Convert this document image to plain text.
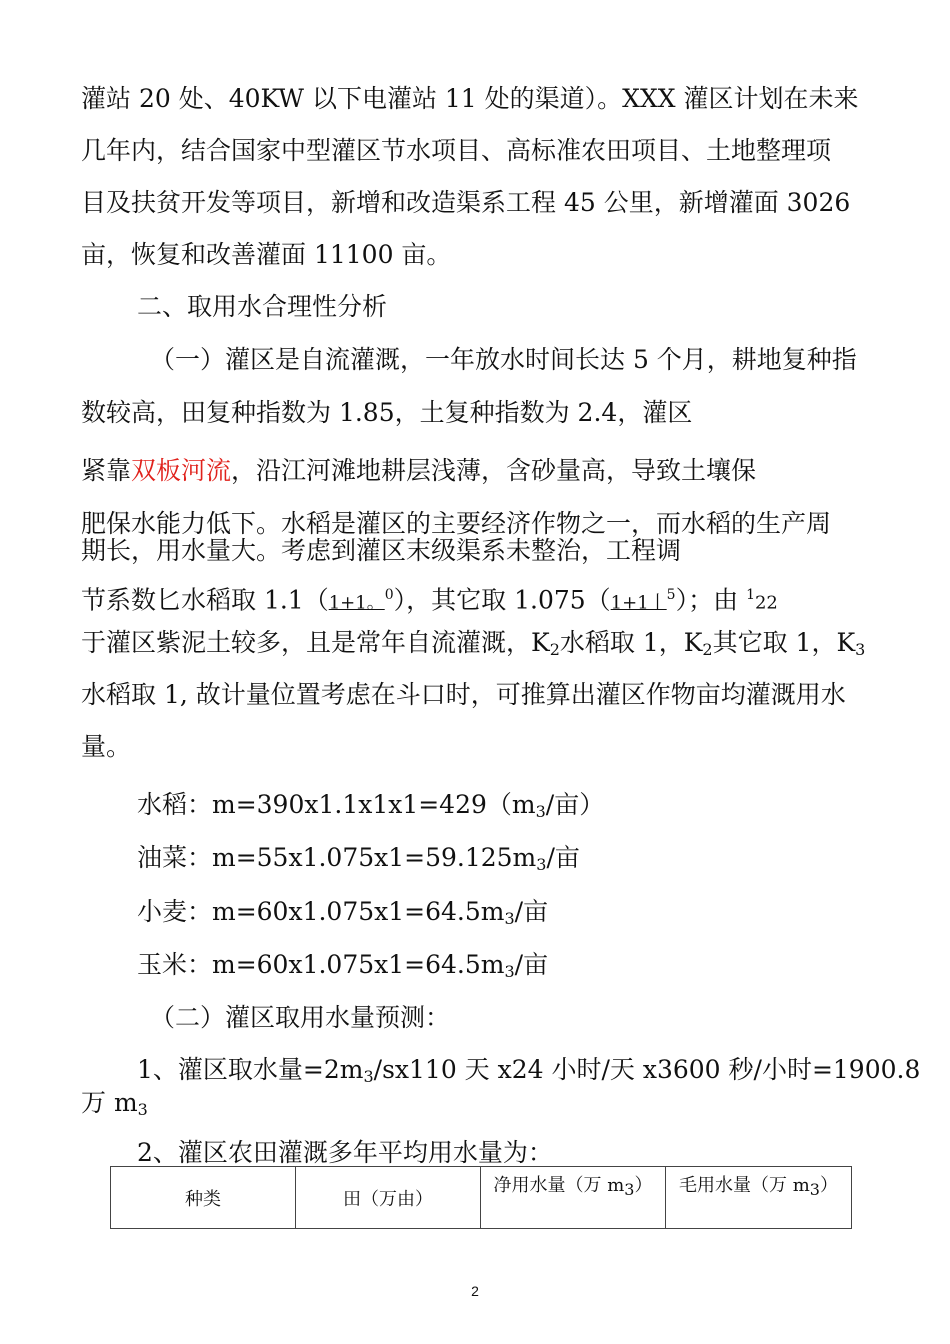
灌站 20 处、40KW 以下电灌站 11 处的渠道）。XXX 灌区计划在未来
几年内，结合国家中型灌区节水项目、高标准农田项目、土地整理项
目及扶贫开发等项目，新增和改造渠系工程 45 公里，新增灌面 3026
亩，恢复和改善灌面 11100 亩。
二、取用水合理性分析
（一）灌区是自流灌溉，一年放水时间长达 5 个月，耕地复种指
数较高，田复种指数为 1.85，土复种指数为 2.4，灌区
紧靠双板河流，沿江河滩地耕层浅薄，含砂量高，导致土壤保
肥保水能力低下。水稻是灌区的主要经济作物之一，而水稻的生产周
期长，用水量大。考虑到灌区末级渠系未整治，工程调
节系数匕水稻取 1.1（1+1。$^0$），其它取 1.075（1+1丨$^5$）；由 $^1$22
于灌区紫泥土较多，且是常年自流灌溉，$K_2$水稻取 1，$K_2$其它取 1，$K_3$
水稻取 1, 故计量位置考虑在斗口时，可推算出灌区作物亩均灌溉用水
量。
水稻：$m=390x1.1x1x1=429(m_3/$亩）
油菜：$m=55x1.075x1=59.125m_3/$亩
小麦：$m=60x1.075x1=64.5m_3/$亩
玉米：$m=60x1.075x1=64.5m_3/$亩
（二）灌区取用水量预测：
1、灌区取水量$=2m_3/sx110$ 天 x24 小时/天 x3600 秒/小时=1900.8
万 $m_3$
2、灌区农田灌溉多年平均用水量为：
种类	田（万由）	净用水量（万 m3）	毛用水量（万 m3）
2
